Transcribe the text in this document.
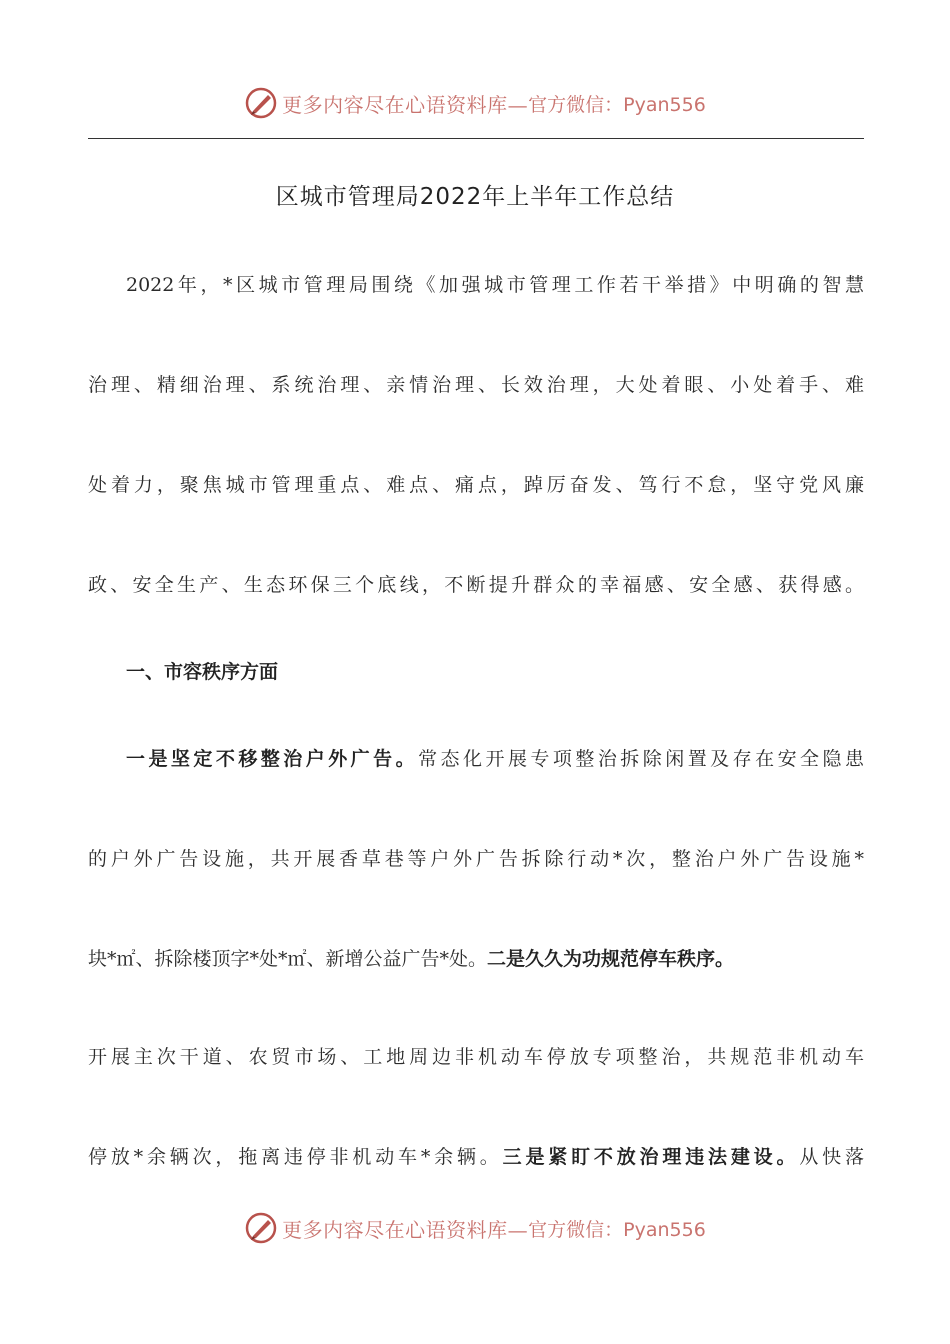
更多内容尽在心语资料库— 官方微信：Pyan556
区城市管理局2022年上半年工作总结
2022年，*区城市管理局围绕《加强城市管理工作若干举措》中明确的智慧
治理、精细治理、系统治理、亲情治理、长效治理，大处着眼、小处着手、难
处着力，聚焦城市管理重点、难点、痛点，踔厉奋发、笃行不怠，坚守党风廉
政、安全生产、生态环保三个底线，不断提升群众的幸福感、安全感、获得感。
一、市容秩序方面
一是坚定不移整治户外广告。常态化开展专项整治拆除闲置及存在安全隐患
的户外广告设施，共开展香草巷等户外广告拆除行动*次，整治户外广告设施*
块*㎡、拆除楼顶字*处*㎡、新增公益广告*处。二是久久为功规范停车秩序。
开展主次干道、农贸市场、工地周边非机动车停放专项整治，共规范非机动车
停放*余辆次，拖离违停非机动车*余辆。三是紧盯不放治理违法建设。从快落
更多内容尽在心语资料库— 官方微信：Pyan556
